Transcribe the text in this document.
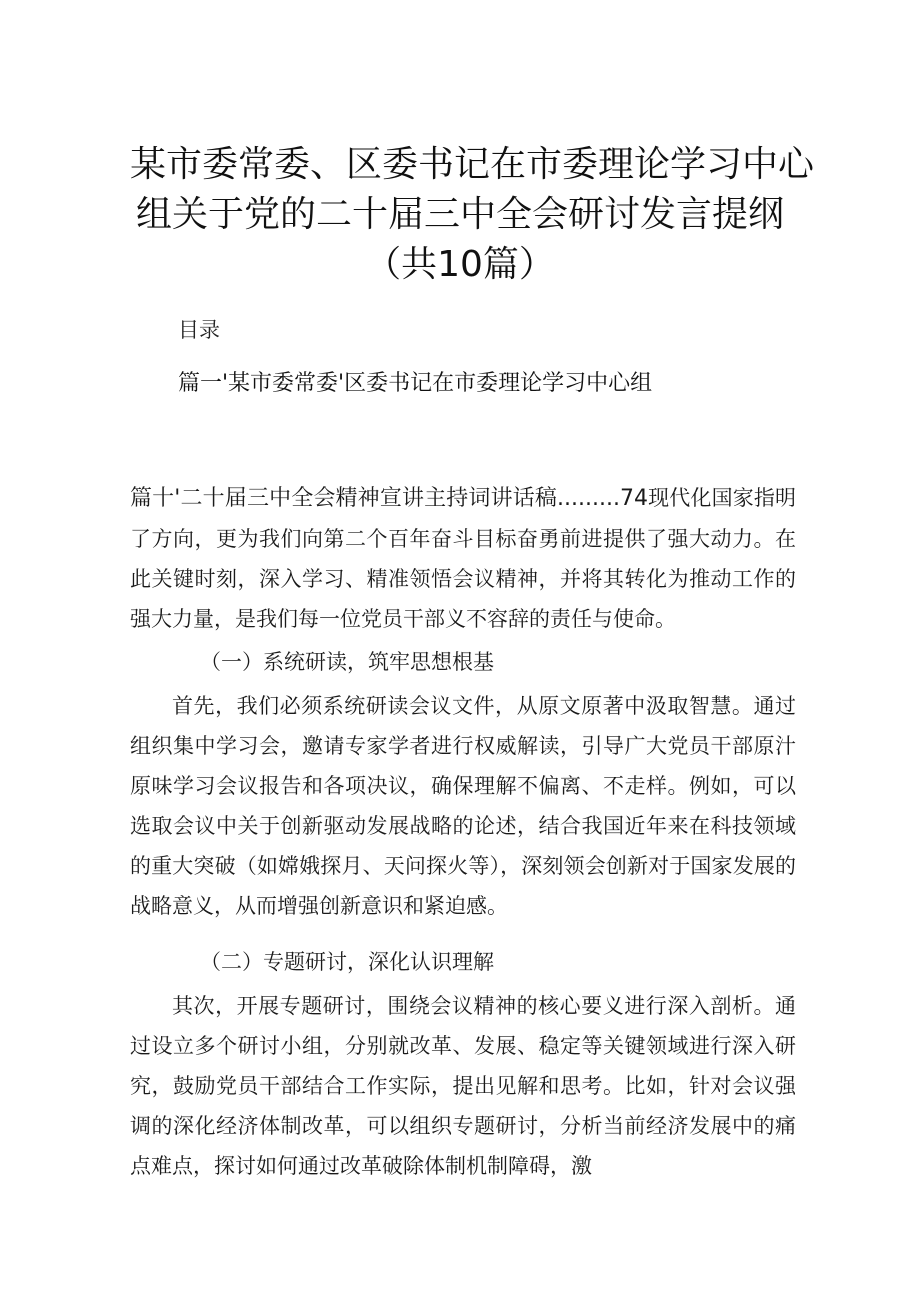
某市委常委、区委书记在市委理论学习中心
组关于党的二十届三中全会研讨发言提纲
（共10篇）
目录
篇一'某市委常委'区委书记在市委理论学习中心组
篇十'二十届三中全会精神宣讲主持词讲话稿.........74现代化国家指明了方向，更为我们向第二个百年奋斗目标奋勇前进提供了强大动力。在此关键时刻，深入学习、精准领悟会议精神，并将其转化为推动工作的强大力量，是我们每一位党员干部义不容辞的责任与使命。
（一）系统研读，筑牢思想根基
首先，我们必须系统研读会议文件，从原文原著中汲取智慧。通过组织集中学习会，邀请专家学者进行权威解读，引导广大党员干部原汁原味学习会议报告和各项决议，确保理解不偏离、不走样。例如，可以选取会议中关于创新驱动发展战略的论述，结合我国近年来在科技领域的重大突破（如嫦娥探月、天问探火等），深刻领会创新对于国家发展的战略意义，从而增强创新意识和紧迫感。
（二）专题研讨，深化认识理解
其次，开展专题研讨，围绕会议精神的核心要义进行深入剖析。通过设立多个研讨小组，分别就改革、发展、稳定等关键领域进行深入研究，鼓励党员干部结合工作实际，提出见解和思考。比如，针对会议强调的深化经济体制改革，可以组织专题研讨，分析当前经济发展中的痛点难点，探讨如何通过改革破除体制机制障碍，激
